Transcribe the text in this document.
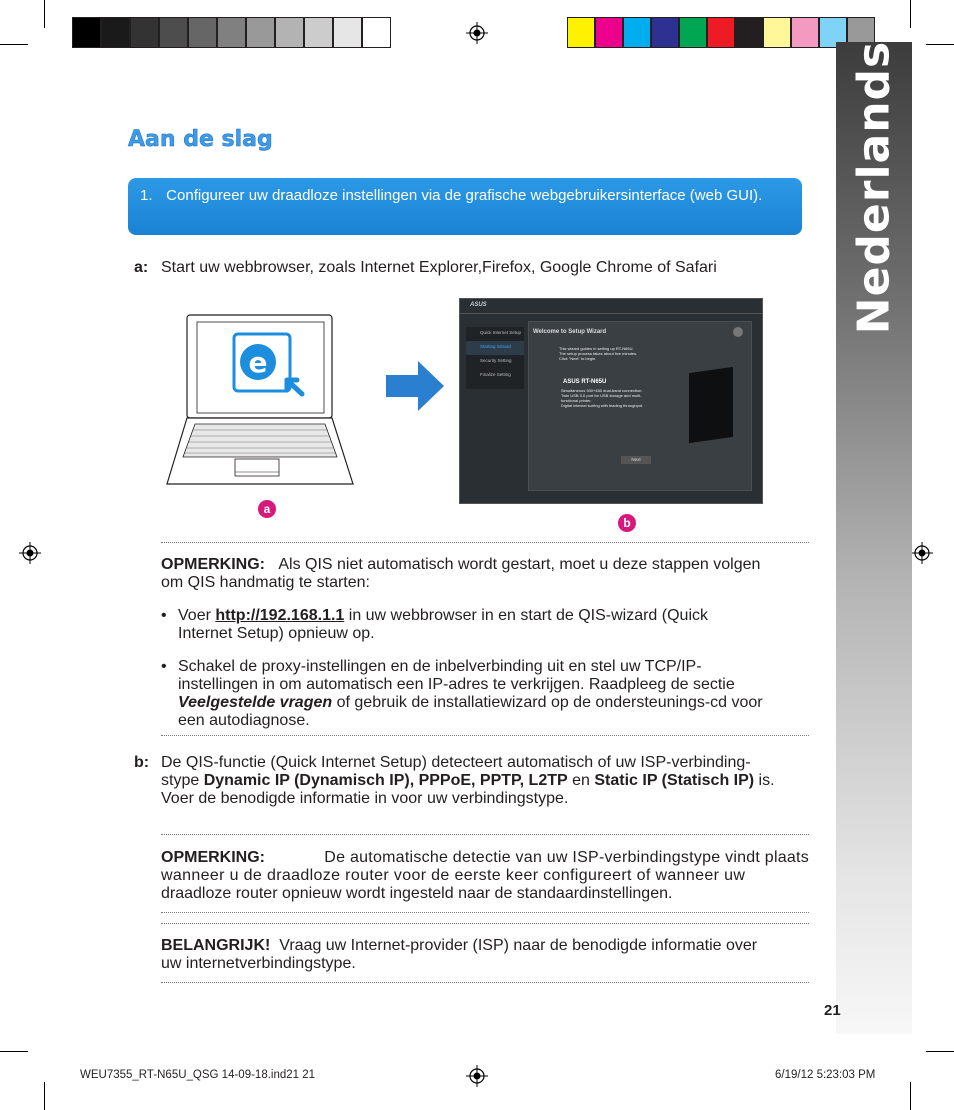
Nederlands
Aan de slag
1. Configureer uw draadloze instellingen via de grafische webgebruikersinterface (web GUI).
a: Start uw webbrowser, zoals Internet Explorer,Firefox, Google Chrome of Safari
e
ASUS
Quick Internet Setup
Starting Wizard
Security Setting
Finalize Setting
Welcome to Setup Wizard
This wizard guides in setting up RT-N65U.
The setup process takes about five minutes.
Click "Next" to begin.
ASUS RT-N65U
Simultaneous 300+450 dual-band connection.
Twin USB 3.0 port for USB storage and multi-
functional printer.
Digital internet surfing with leading throughput.
Next
a
b
OPMERKING: Als QIS niet automatisch wordt gestart, moet u deze stappen volgen
om QIS handmatig te starten:
• Voer http://192.168.1.1 in uw webbrowser in en start de QIS-wizard (Quick
Internet Setup) opnieuw op.
• Schakel de proxy-instellingen en de inbelverbinding uit en stel uw TCP/IP-
instellingen in om automatisch een IP-adres te verkrijgen. Raadpleeg de sectie
Veelgestelde vragen of gebruik de installatiewizard op de ondersteunings-cd voor
een autodiagnose.
b: De QIS-functie (Quick Internet Setup) detecteert automatisch of uw ISP-verbinding-
stype Dynamic IP (Dynamisch IP), PPPoE, PPTP, L2TP en Static IP (Statisch IP) is.
Voer de benodigde informatie in voor uw verbindingstype.
OPMERKING:	De automatische detectie van uw ISP-verbindingstype vindt plaats
wanneer u de draadloze router voor de eerste keer configureert of wanneer uw
draadloze router opnieuw wordt ingesteld naar de standaardinstellingen.
BELANGRIJK! Vraag uw Internet-provider (ISP) naar de benodigde informatie over
uw internetverbindingstype.
21
WEU7355_RT-N65U_QSG 14-09-18.ind21 21	6/19/12 5:23:03 PM
